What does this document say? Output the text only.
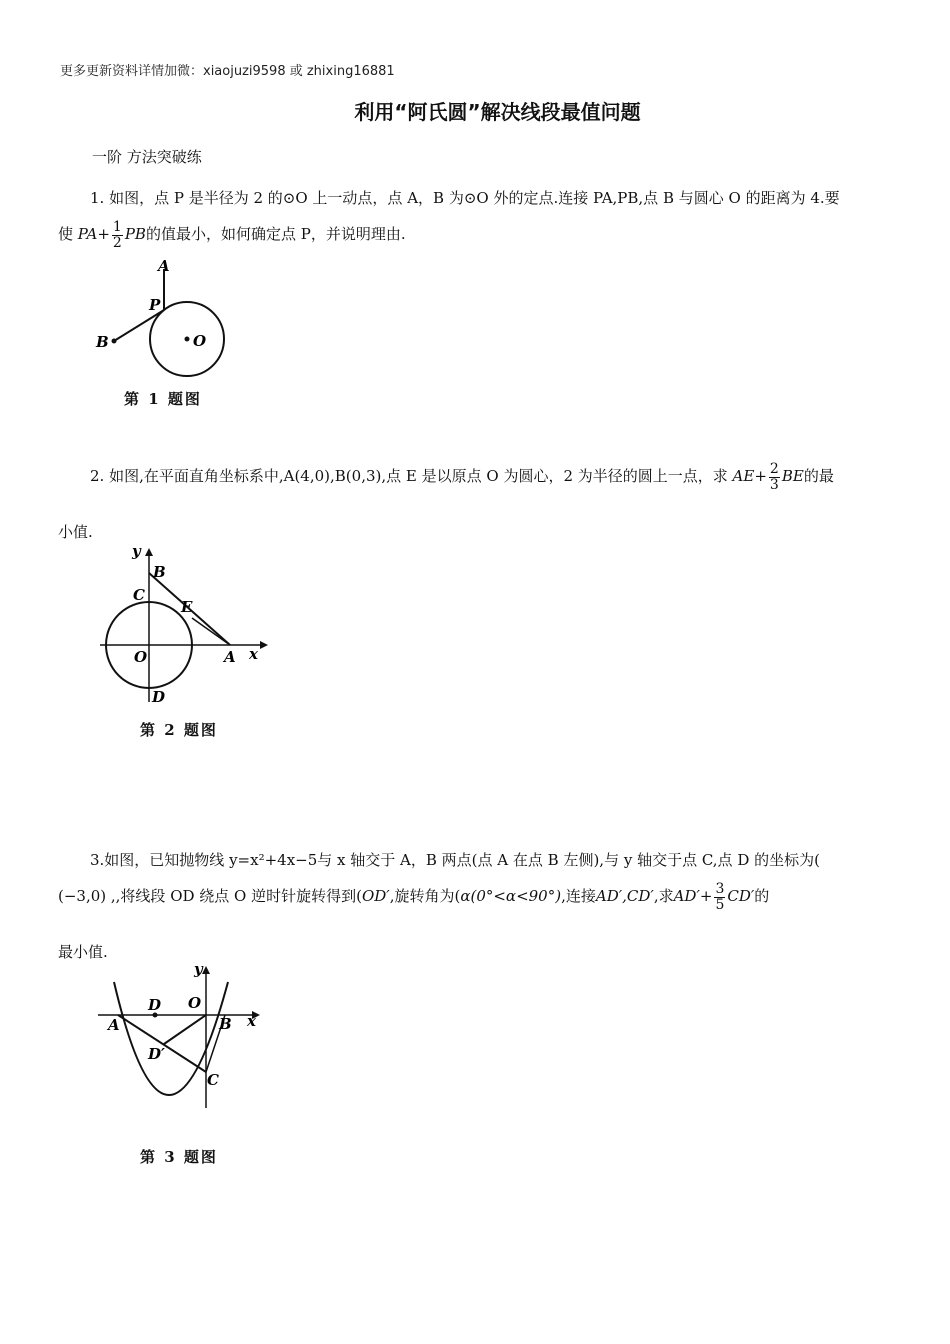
更多更新资料详情加微：xiaojuzi9598 或 zhixing16881
利用“阿氏圆”解决线段最值问题
一阶 方法突破练
1. 如图，点 P 是半径为 2 的⊙O 上一动点，点 A，B 为⊙O 外的定点.连接 PA,PB,点 B 与圆心 O 的距离为 4.要
使 $PA+ \frac{1}{2}$ PB的值最小，如何确定点 P，并说明理由.
A
P
B	O
第 1 题图
2. 如图,在平面直角坐标系中,A(4,0),B(0,3),点 E 是以原点 O 为圆心，2 为半径的圆上一点，求 $AE+ \frac{2}{3}$ BE的最
小值.
y
B
C
E
O	A x
D
第 2 题图
3.如图，已知抛物线 y=x²+4x−5与 x 轴交于 A，B 两点(点 A 在点 B 左侧),与 y 轴交于点 C,点 D 的坐标为(
(−3,0) ,,将线段 OD 绕点 O 逆时针旋转得到(OD′,旋转角为(α(0°<α<90°),连接AD′,CD′,求$AD'+ \frac{3}{5} CD'$的
最小值.
y
D O
A	B x
D′
C
第 3 题图
